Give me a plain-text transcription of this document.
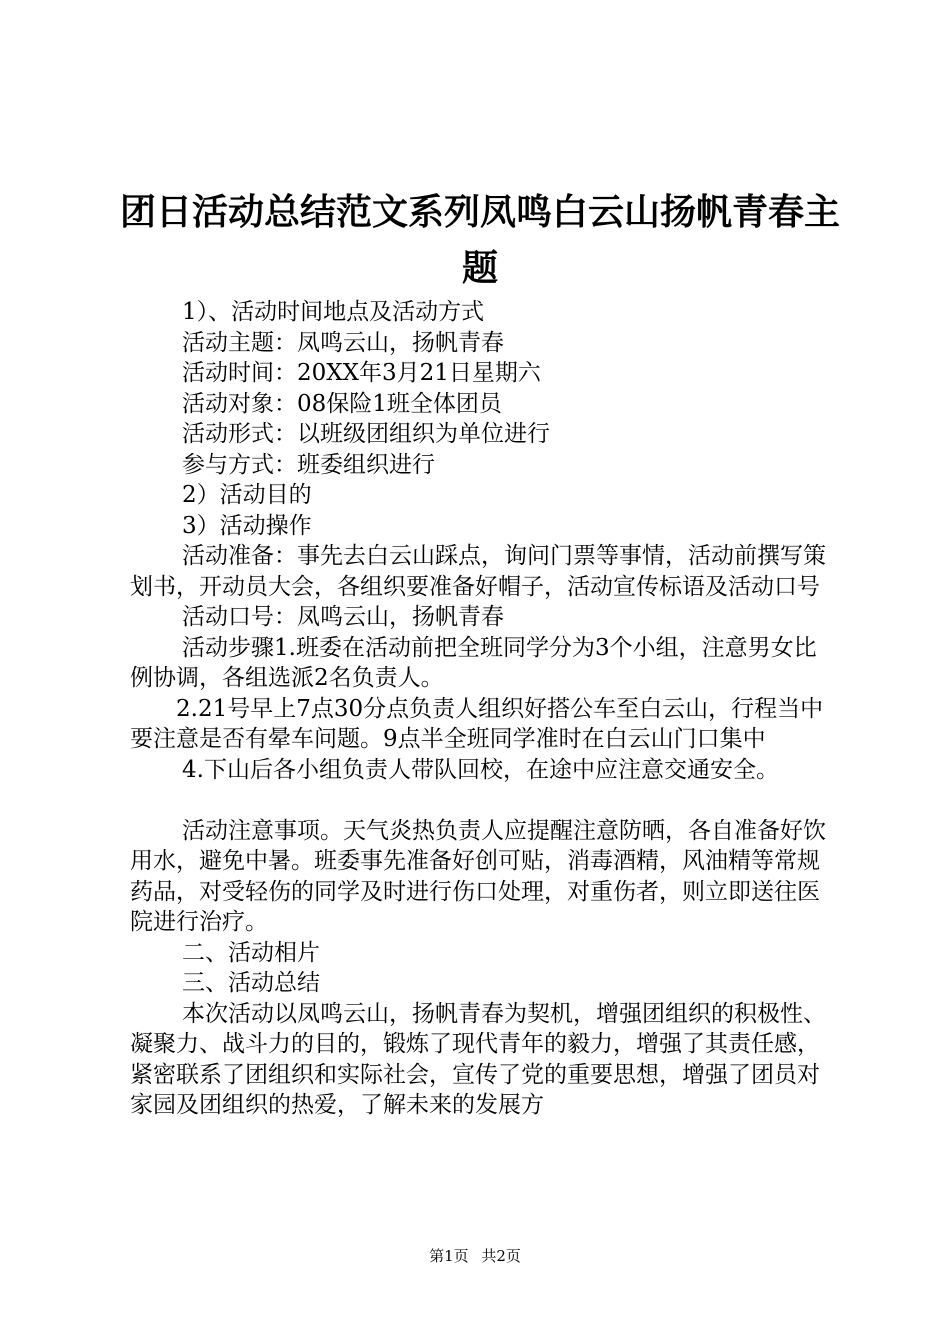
团日活动总结范文系列凤鸣白云山扬帆青春主题

1）、活动时间地点及活动方式

活动主题：凤鸣云山，扬帆青春

活动时间：20XX年3月21日星期六

活动对象：08保险1班全体团员

活动形式：以班级团组织为单位进行

参与方式：班委组织进行

2）活动目的

3）活动操作

活动准备：事先去白云山踩点，询问门票等事情，活动前撰写策划书，开动员大会，各组织要准备好帽子，活动宣传标语及活动口号

活动口号：凤鸣云山，扬帆青春

活动步骤1.班委在活动前把全班同学分为3个小组，注意男女比例协调，各组选派2名负责人。

2.21号早上7点30分点负责人组织好搭公车至白云山，行程当中要注意是否有晕车问题。9点半全班同学准时在白云山门口集中

4.下山后各小组负责人带队回校，在途中应注意交通安全。

活动注意事项。天气炎热负责人应提醒注意防晒，各自准备好饮用水，避免中暑。班委事先准备好创可贴，消毒酒精，风油精等常规药品，对受轻伤的同学及时进行伤口处理，对重伤者，则立即送往医院进行治疗。

二、活动相片

三、活动总结

本次活动以凤鸣云山，扬帆青春为契机，增强团组织的积极性、凝聚力、战斗力的目的，锻炼了现代青年的毅力，增强了其责任感，紧密联系了团组织和实际社会，宣传了党的重要思想，增强了团员对家园及团组织的热爱，了解未来的发展方

第1页 共2页
